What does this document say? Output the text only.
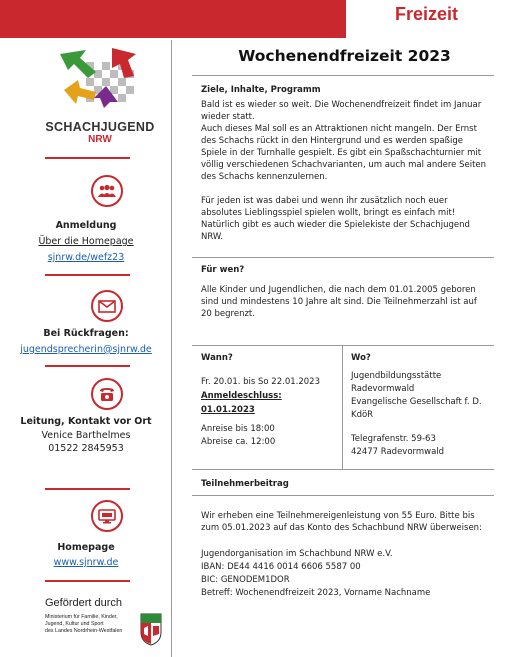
Freizeit
SCHACHJUGEND
NRW
Anmeldung
Über die Homepage
sjnrw.de/wefz23
Bei Rückfragen:
jugendsprecherin@sjnrw.de
Leitung, Kontakt vor Ort
Venice Barthelmes
01522 2845953
Homepage
www.sjnrw.de
Gefördert durch
Ministerium für Familie, Kinder,
Jugend, Kultur und Sport
des Landes Nordrhein-Westfalen
Wochenendfreizeit 2023
Ziele, Inhalte, Programm

Bald ist es wieder so weit. Die Wochenendfreizeit findet im Januar wieder statt.

Auch dieses Mal soll es an Attraktionen nicht mangeln. Der Ernst des Schachs rückt in den Hintergrund und es werden spaßige Spiele in der Turnhalle gespielt. Es gibt ein Spaßschachturnier mit völlig verschiedenen Schachvarianten, um auch mal andere Seiten des Schachs kennenzulernen.

Für jeden ist was dabei und wenn ihr zusätzlich noch euer absolutes Lieblingsspiel spielen wollt, bringt es einfach mit! Natürlich gibt es auch wieder die Spielekiste der Schachjugend NRW.

Für wen?
Alle Kinder und Jugendlichen, die nach dem 01.01.2005 geboren sind und mindestens 10 Jahre alt sind. Die Teilnehmerzahl ist auf 20 begrenzt.
Wann?
Fr. 20.01. bis So 22.01.2023
Anmeldeschluss:
01.01.2023
Anreise bis 18:00
Abreise ca. 12:00
Wo?
Jugendbildungsstätte
Radevormwald
Evangelische Gesellschaft f. D.
KdöR
Telegrafenstr. 59-63
42477 Radevormwald
Teilnehmerbeitrag
Wir erheben eine Teilnehmereigenleistung von 55 Euro. Bitte bis zum 05.01.2023 auf das Konto des Schachbund NRW überweisen:
Jugendorganisation im Schachbund NRW e.V.
IBAN: DE44 4416 0014 6606 5587 00
BIC: GENODEM1DOR
Betreff: Wochenendfreizeit 2023, Vorname Nachname
